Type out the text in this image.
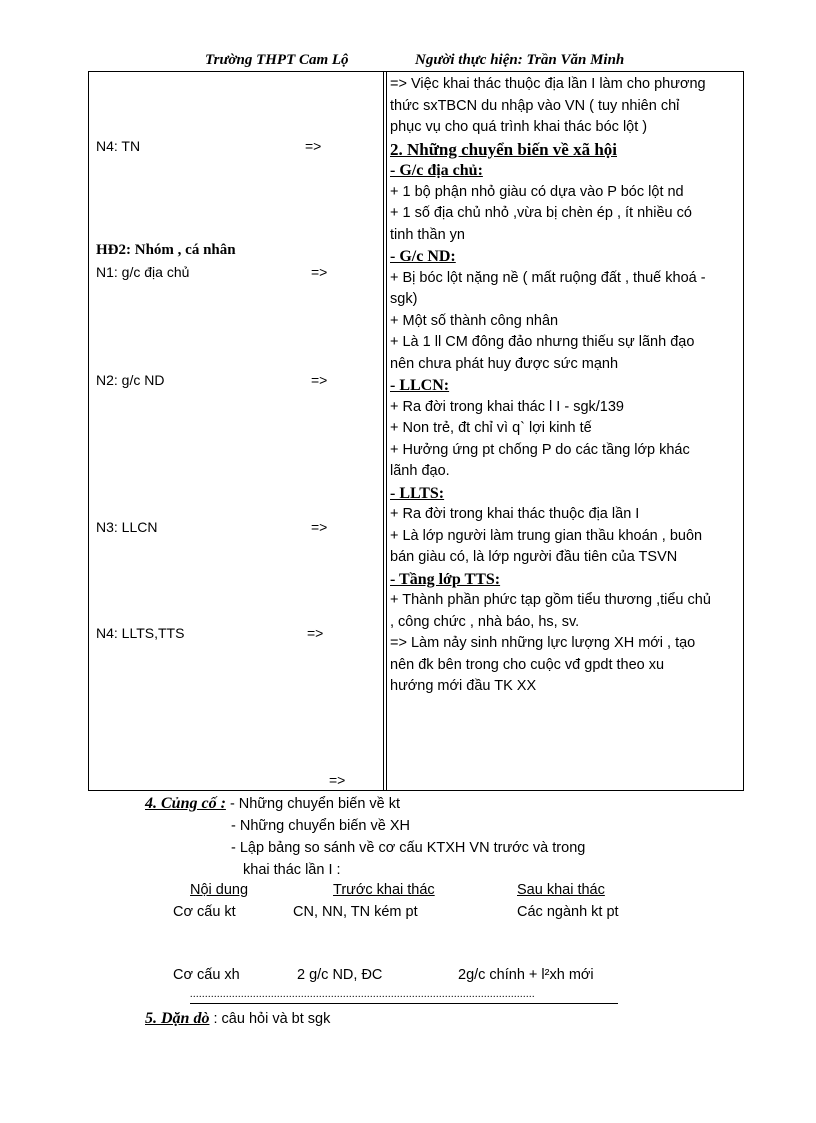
Trường THPT Cam Lộ	Người thực hiện: Trần Văn Minh
N4: TN	=>
HĐ2: Nhóm , cá nhân
N1: g/c địa chủ	=>
N2: g/c ND	=>
N3: LLCN	=>
N4: LLTS,TTS	=>
=>
=> Việc khai thác thuộc địa lần I làm cho phương
thức sxTBCN du nhập vào VN ( tuy nhiên chỉ
phục vụ cho quá trình khai thác bóc lột )
2. Những chuyển biến về xã hội
- G/c địa chủ:
+ 1 bộ phận nhỏ giàu có dựa vào P bóc lột nd
+ 1 số địa chủ nhỏ ,vừa bị chèn ép , ít nhiều có
tinh thần yn
- G/c ND:
+ Bị bóc lột nặng nề ( mất ruộng đất , thuế khoá -
sgk)
+ Một số thành công nhân
+ Là 1 ll CM đông đảo nhưng thiếu sự lãnh đạo
nên chưa phát huy được sức mạnh
- LLCN:
+ Ra đời trong khai thác l I - sgk/139
+ Non trẻ, đt chỉ vì q` lợi kinh tế
+ Hưởng ứng pt chống P do các tầng lớp khác
lãnh đạo.
- LLTS:
+ Ra đời trong khai thác thuộc địa lần I
+ Là lớp người làm trung gian thầu khoán , buôn
bán giàu có, là lớp người đầu tiên của TSVN
- Tầng lớp TTS:
+ Thành phần phức tạp gồm tiểu thương ,tiểu chủ
, công chức , nhà báo, hs, sv.
=> Làm nảy sinh những lực lượng XH mới , tạo
nên đk bên trong cho cuộc vđ gpdt theo xu
hướng mới đầu TK XX
4. Củng cố : - Những chuyển biến về kt
- Những chuyển biến về XH
- Lập bảng so sánh về cơ cấu KTXH VN trước và trong
khai thác lần I :
Nội dung	Trước khai thác	Sau khai thác
Cơ cấu kt	CN, NN, TN kém pt	Các ngành kt pt
Cơ cấu xh	2 g/c ND, ĐC	2g/c chính + l²xh mới
...................................................................................................................
5. Dặn dò : câu hỏi và bt sgk
